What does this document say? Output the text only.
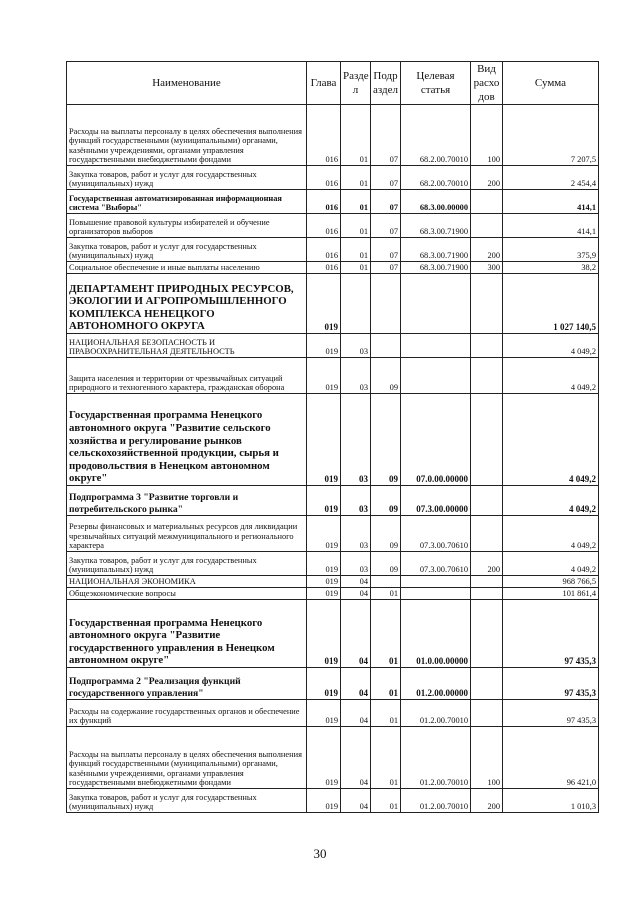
Наименование	Глава	Разде л	Подр аздел	Целевая статья	Вид расхо дов	Сумма
Расходы на выплаты персоналу в целях обеспечения выполнения функций государственными (муниципальными) органами, казёнными учреждениями, органами управления государственными внебюджетными фондами	016	01	07	68.2.00.70010	100	7 207,5
Закупка товаров, работ и услуг для государственных (муниципальных) нужд	016	01	07	68.2.00.70010	200	2 454,4
Государственная автоматизированная информационная система "Выборы"	016	01	07	68.3.00.00000		414,1
Повышение правовой культуры избирателей и обучение организаторов выборов	016	01	07	68.3.00.71900		414,1
Закупка товаров, работ и услуг для государственных (муниципальных) нужд	016	01	07	68.3.00.71900	200	375,9
Социальное обеспечение и иные выплаты населению	016	01	07	68.3.00.71900	300	38,2
ДЕПАРТАМЕНТ ПРИРОДНЫХ РЕСУРСОВ, ЭКОЛОГИИ И АГРОПРОМЫШЛЕННОГО КОМПЛЕКСА НЕНЕЦКОГО АВТОНОМНОГО ОКРУГА	019					1 027 140,5
НАЦИОНАЛЬНАЯ БЕЗОПАСНОСТЬ И ПРАВООХРАНИТЕЛЬНАЯ ДЕЯТЕЛЬНОСТЬ	019	03				4 049,2
Защита населения и территории от чрезвычайных ситуаций природного и техногенного характера, гражданская оборона	019	03	09			4 049,2
Государственная программа Ненецкого автономного округа "Развитие сельского хозяйства и регулирование рынков сельскохозяйственной продукции, сырья и продовольствия в Ненецком автономном округе"	019	03	09	07.0.00.00000		4 049,2
Подпрограмма 3 "Развитие торговли и потребительского рынка"	019	03	09	07.3.00.00000		4 049,2
Резервы финансовых и материальных ресурсов для ликвидации чрезвычайных ситуаций межмуниципального и регионального характера	019	03	09	07.3.00.70610		4 049,2
Закупка товаров, работ и услуг для государственных (муниципальных) нужд	019	03	09	07.3.00.70610	200	4 049,2
НАЦИОНАЛЬНАЯ ЭКОНОМИКА	019	04				968 766,5
Общеэкономические вопросы	019	04	01			101 861,4
Государственная программа Ненецкого автономного округа "Развитие государственного управления в Ненецком автономном округе"	019	04	01	01.0.00.00000		97 435,3
Подпрограмма 2 "Реализация функций государственного управления"	019	04	01	01.2.00.00000		97 435,3
Расходы на содержание государственных органов и обеспечение их функций	019	04	01	01.2.00.70010		97 435,3
Расходы на выплаты персоналу в целях обеспечения выполнения функций государственными (муниципальными) органами, казёнными учреждениями, органами управления государственными внебюджетными фондами	019	04	01	01.2.00.70010	100	96 421,0
Закупка товаров, работ и услуг для государственных (муниципальных) нужд	019	04	01	01.2.00.70010	200	1 010,3
30
